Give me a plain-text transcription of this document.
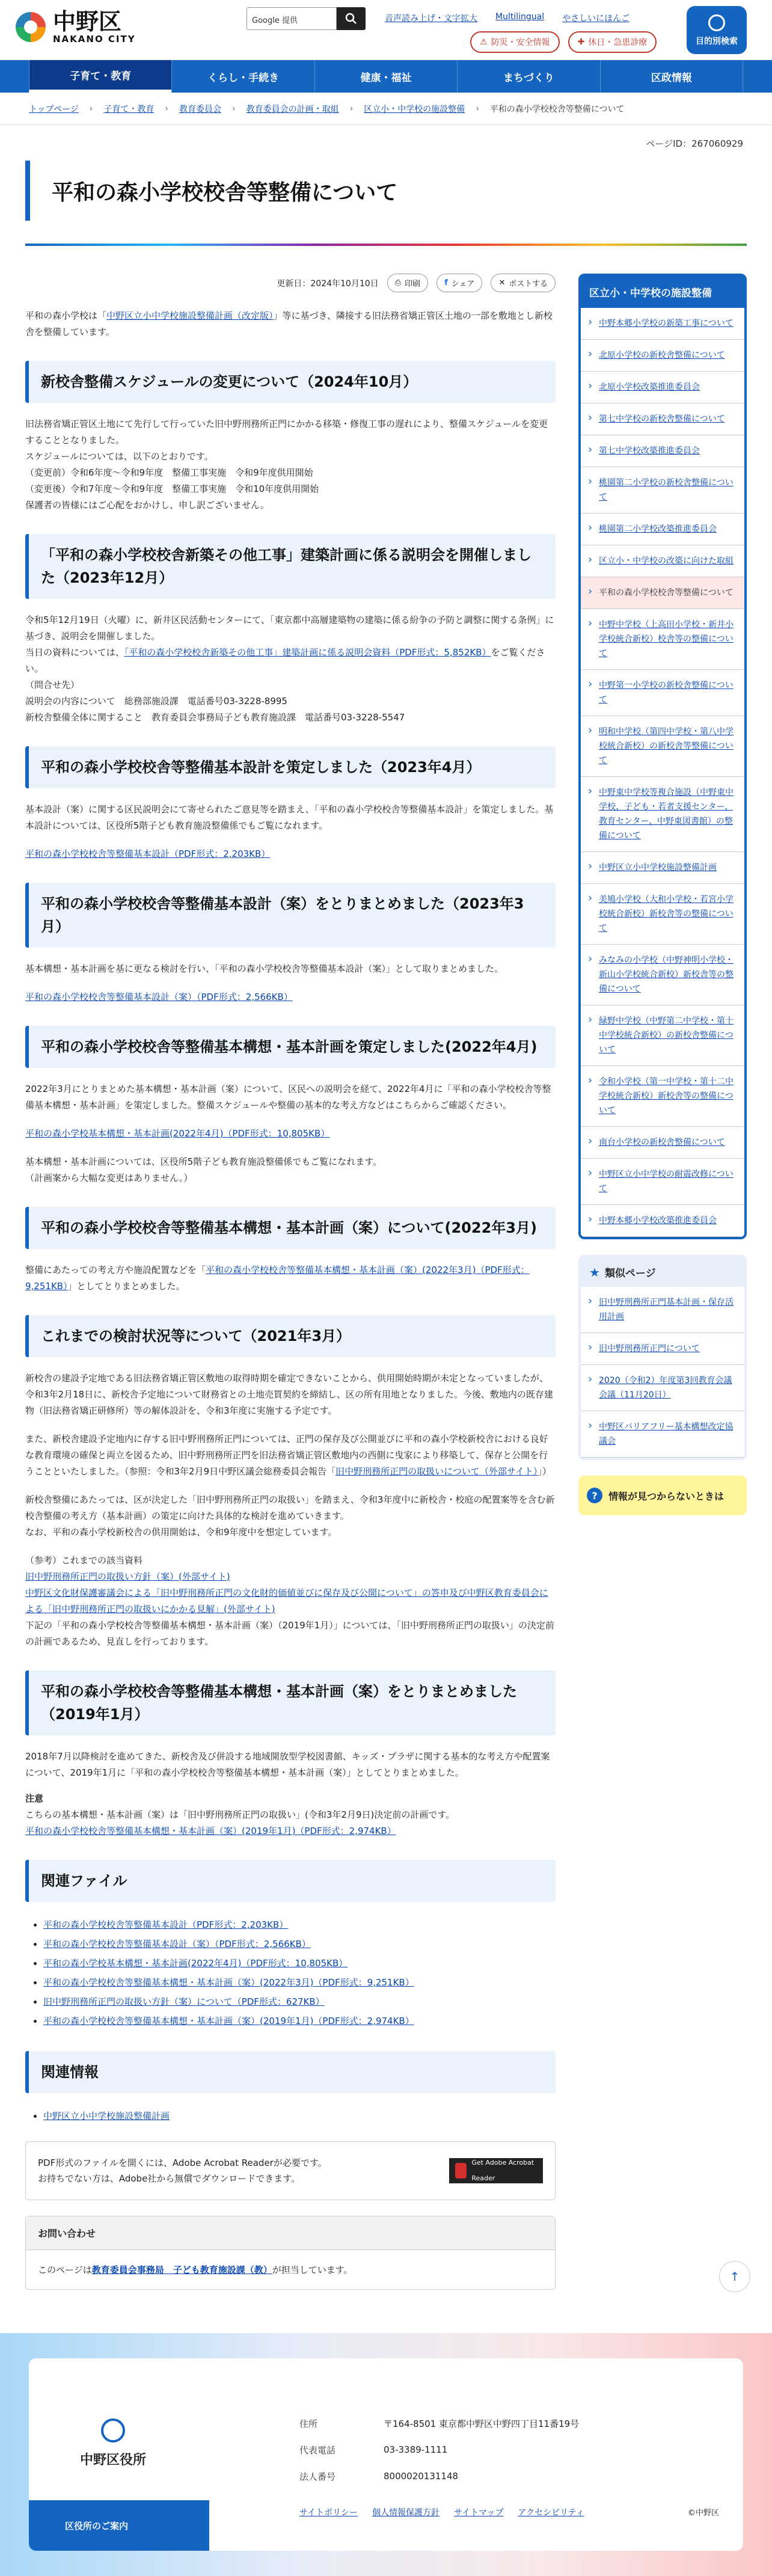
中野区
NAKANO CITY
Google 提供	音声読み上げ・文字拡大 Multilingual やさしいにほんご
⚠ 防災・安全情報	✚ 休日・急患診療	目的別検索
子育て・教育	くらし・手続き	健康・福祉	まちづくり	区政情報
トップページ › 子育て・教育 › 教育委員会 › 教育委員会の計画・取組 › 区立小・中学校の施設整備 › 平和の森小学校校舎等整備について
ページID：267060929
平和の森小学校校舎等整備について
更新日：2024年10月10日 ⎙ 印刷	f シェア	✕ ポストする

平和の森小学校は「中野区立小中学校施設整備計画（改定版）」等に基づき、隣接する旧法務省矯正管区土地の一部を敷地とし新校舎を整備しています。

新校舎整備スケジュールの変更について（2024年10月）

旧法務省矯正管区土地にて先行して行っていた旧中野刑務所正門にかかる移築・修復工事の遅れにより、整備スケジュールを変更することとなりました。

スケジュールについては、以下のとおりです。

（変更前）令和6年度～令和9年度　整備工事実施　令和9年度供用開始

（変更後）令和7年度～令和9年度　整備工事実施　令和10年度供用開始

保護者の皆様にはご心配をおかけし、申し訳ございません。

「平和の森小学校校舎新築その他工事」建築計画に係る説明会を開催しました（2023年12月）

令和5年12月19日（火曜）に、新井区民活動センターにて、「東京都中高層建築物の建築に係る紛争の予防と調整に関する条例」に基づき、説明会を開催しました。

当日の資料については、「平和の森小学校校舎新築その他工事」建築計画に係る説明会資料（PDF形式：5,852KB）をご覧ください。

（問合せ先）

説明会の内容について　総務部施設課　電話番号03-3228-8995

新校舎整備全体に関すること　教育委員会事務局子ども教育施設課　電話番号03-3228-5547

平和の森小学校校舎等整備基本設計を策定しました（2023年4月）

基本設計（案）に関する区民説明会にて寄せられたご意見等を踏まえ、「平和の森小学校校舎等整備基本設計」を策定しました。基本設計については、区役所5階子ども教育施設整備係でもご覧になれます。

平和の森小学校校舎等整備基本設計（PDF形式：2,203KB）

平和の森小学校校舎等整備基本設計（案）をとりまとめました（2023年3月）

基本構想・基本計画を基に更なる検討を行い、「平和の森小学校校舎等整備基本設計（案）」として取りまとめました。

平和の森小学校校舎等整備基本設計（案）（PDF形式：2,566KB）

平和の森小学校校舎等整備基本構想・基本計画を策定しました(2022年4月)

2022年3月にとりまとめた基本構想・基本計画（案）について、区民への説明会を経て、2022年4月に「平和の森小学校校舎等整備基本構想・基本計画」を策定しました。整備スケジュールや整備の基本的な考え方などはこちらからご確認ください。

平和の森小学校基本構想・基本計画(2022年4月)（PDF形式：10,805KB）

基本構想・基本計画については、区役所5階子ども教育施設整備係でもご覧になれます。

（計画案から大幅な変更はありません。）

平和の森小学校校舎等整備基本構想・基本計画（案）について(2022年3月)

整備にあたっての考え方や施設配置などを「平和の森小学校校舎等整備基本構想・基本計画（案）(2022年3月)（PDF形式：9,251KB）」としてとりまとめました。

これまでの検討状況等について（2021年3月）

新校舎の建設予定地である旧法務省矯正管区敷地の取得時期を確定できないことから、供用開始時期が未定となっていましたが、令和3年2月18日に、新校舎予定地について財務省との土地売買契約を締結し、区の所有用地となりました。今後、敷地内の既存建物（旧法務省矯正研修所）等の解体設計を、令和3年度に実施する予定です。

また、新校舎建設予定地内に存する旧中野刑務所正門については、正門の保存及び公開並びに平和の森小学校新校舎における良好な教育環境の確保と両立を図るため、旧中野刑務所正門を旧法務省矯正管区敷地内の西側に曳家により移築して、保存と公開を行うことといたしました。（参照：令和3年2月9日中野区議会総務委員会報告「旧中野刑務所正門の取扱いについて（外部サイト）」）

新校舎整備にあたっては、区が決定した「旧中野刑務所正門の取扱い」を踏まえ、令和3年度中に新校舎・校庭の配置案等を含む新校舎整備の考え方（基本計画）の策定に向けた具体的な検討を進めていきます。

なお、平和の森小学校新校舎の供用開始は、令和9年度中を想定しています。

（参考）これまでの該当資料

旧中野刑務所正門の取扱い方針（案）(外部サイト)

中野区文化財保護審議会による「旧中野刑務所正門の文化財的価値並びに保存及び公開について」の答申及び中野区教育委員会による「旧中野刑務所正門の取扱いにかかる見解」(外部サイト)

下記の「平和の森小学校校舎等整備基本構想・基本計画（案）（2019年1月）」については、「旧中野刑務所正門の取扱い」の決定前の計画であるため、見直しを行っております。

平和の森小学校校舎等整備基本構想・基本計画（案）をとりまとめました（2019年1月）

2018年7月以降検討を進めてきた、新校舎及び併設する地域開放型学校図書館、キッズ・プラザに関する基本的な考え方や配置案について、2019年1月に「平和の森小学校校舎等整備基本構想・基本計画（案）」としてとりまとめました。

注意

こちらの基本構想・基本計画（案）は「旧中野刑務所正門の取扱い」(令和3年2月9日)決定前の計画です。

平和の森小学校校舎等整備基本構想・基本計画（案）(2019年1月)（PDF形式：2,974KB）

関連ファイル
• 平和の森小学校校舎等整備基本設計（PDF形式：2,203KB）
• 平和の森小学校校舎等整備基本設計（案）（PDF形式：2,566KB）
• 平和の森小学校基本構想・基本計画(2022年4月)（PDF形式：10,805KB）
• 平和の森小学校校舎等整備基本構想・基本計画（案）(2022年3月)（PDF形式：9,251KB）
• 旧中野刑務所正門の取扱い方針（案）について（PDF形式：627KB）
• 平和の森小学校校舎等整備基本構想・基本計画（案）(2019年1月)（PDF形式：2,974KB）
関連情報
• 中野区立小中学校施設整備計画

PDF形式のファイルを開くには、Adobe Acrobat Readerが必要です。

お持ちでない方は、Adobe社から無償でダウンロードできます。

Get Adobe Acrobat Reader
お問い合わせ
このページは教育委員会事務局　子ども教育施設課（教）が担当しています。
区立小・中学校の施設整備
› 中野本郷小学校の新築工事について
› 北原小学校の新校舎整備について
› 北原小学校改築推進委員会
› 第七中学校の新校舎整備について
› 第七中学校改築推進委員会
› 桃園第二小学校の新校舎整備について
› 桃園第二小学校改築推進委員会
› 区立小・中学校の改築に向けた取組
› 平和の森小学校校舎等整備について
› 中野中学校（上高田小学校・新井小学校統合新校）校舎等の整備について
› 中野第一小学校の新校舎整備について
› 明和中学校（第四中学校・第八中学校統合新校）の新校舎等整備について
› 中野東中学校等複合施設（中野東中学校、子ども・若者支援センター、教育センター、中野東図書館）の整備について
› 中野区立小中学校施設整備計画
› 美鳩小学校（大和小学校・若宮小学校統合新校）新校舎等の整備について
› みなみの小学校（中野神明小学校・新山小学校統合新校）新校舎等の整備について
› 緑野中学校（中野第二中学校・第十中学校統合新校）の新校舎整備について
› 令和小学校（第一中学校・第十二中学校統合新校）新校舎等の整備について
› 南台小学校の新校舎整備について
› 中野区立小中学校の耐震改修について
› 中野本郷小学校改築推進委員会
★ 類似ページ
› 旧中野刑務所正門基本計画・保存活用計画
› 旧中野刑務所正門について
› 2020（令和2）年度第3回教育会議会議（11月20日）
› 中野区バリアフリー基本構想改定協議会
?	情報が見つからないときは
↑
中野区役所
区役所のご案内
住所	〒164-8501 東京都中野区中野四丁目11番19号
代表電話	03-3389-1111
法人番号	8000020131148
サイトポリシー 個人情報保護方針 サイトマップ アクセシビリティ	©中野区
